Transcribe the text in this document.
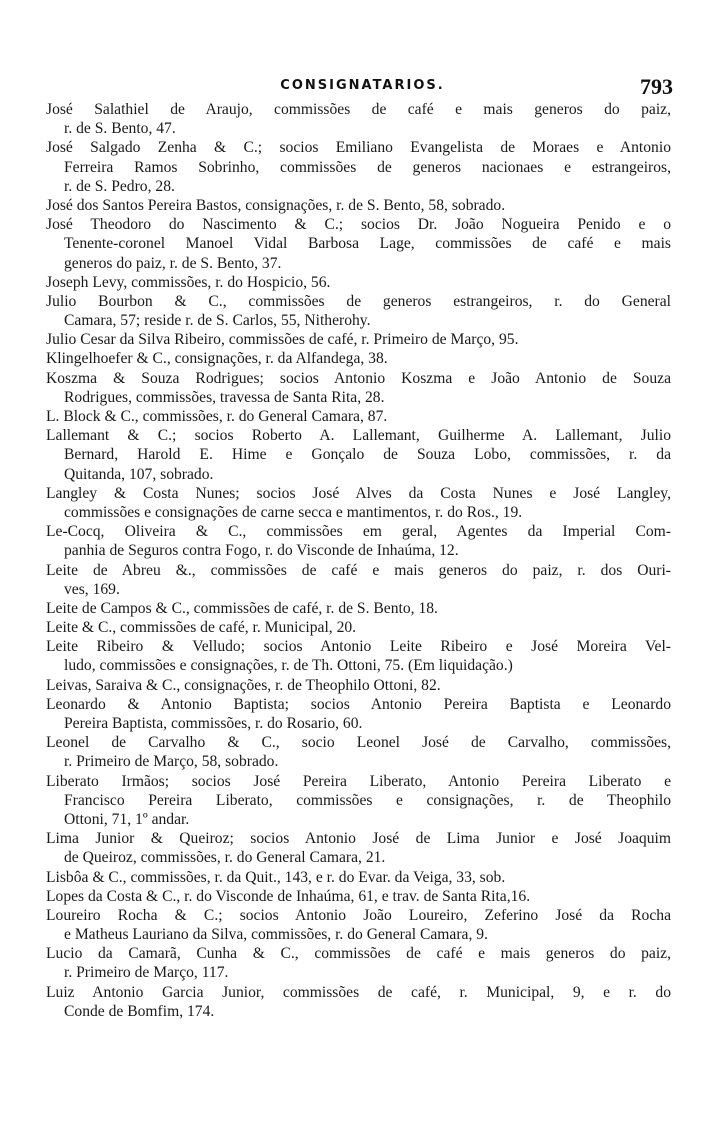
CONSIGNATARIOS.	793
José Salathiel de Araujo, commissões de café e mais generos do paiz,
r. de S. Bento, 47.
José Salgado Zenha & C.; socios Emiliano Evangelista de Moraes e Antonio
Ferreira Ramos Sobrinho, commissões de generos nacionaes e estrangeiros,
r. de S. Pedro, 28.
José dos Santos Pereira Bastos, consignações, r. de S. Bento, 58, sobrado.
José Theodoro do Nascimento & C.; socios Dr. João Nogueira Penido e o
Tenente-coronel Manoel Vidal Barbosa Lage, commissões de café e mais
generos do paiz, r. de S. Bento, 37.
Joseph Levy, commissões, r. do Hospicio, 56.
Julio Bourbon & C., commissões de generos estrangeiros, r. do General
Camara, 57; reside r. de S. Carlos, 55, Nitherohy.
Julio Cesar da Silva Ribeiro, commissões de café, r. Primeiro de Março, 95.
Klingelhoefer & C., consignações, r. da Alfandega, 38.
Koszma & Souza Rodrigues; socios Antonio Koszma e João Antonio de Souza
Rodrigues, commissões, travessa de Santa Rita, 28.
L. Block & C., commissões, r. do General Camara, 87.
Lallemant & C.; socios Roberto A. Lallemant, Guilherme A. Lallemant, Julio
Bernard, Harold E. Hime e Gonçalo de Souza Lobo, commissões, r. da
Quitanda, 107, sobrado.
Langley & Costa Nunes; socios José Alves da Costa Nunes e José Langley,
commissões e consignações de carne secca e mantimentos, r. do Ros., 19.
Le-Cocq, Oliveira & C., commissões em geral, Agentes da Imperial Com-
panhia de Seguros contra Fogo, r. do Visconde de Inhaúma, 12.
Leite de Abreu &., commissões de café e mais generos do paiz, r. dos Ouri-
ves, 169.
Leite de Campos & C., commissões de café, r. de S. Bento, 18.
Leite & C., commissões de café, r. Municipal, 20.
Leite Ribeiro & Velludo; socios Antonio Leite Ribeiro e José Moreira Vel-
ludo, commissões e consignações, r. de Th. Ottoni, 75. (Em liquidação.)
Leivas, Saraiva & C., consignações, r. de Theophilo Ottoni, 82.
Leonardo & Antonio Baptista; socios Antonio Pereira Baptista e Leonardo
Pereira Baptista, commissões, r. do Rosario, 60.
Leonel de Carvalho & C., socio Leonel José de Carvalho, commissões,
r. Primeiro de Março, 58, sobrado.
Liberato Irmãos; socios José Pereira Liberato, Antonio Pereira Liberato e
Francisco Pereira Liberato, commissões e consignações, r. de Theophilo
Ottoni, 71, 1º andar.
Lima Junior & Queiroz; socios Antonio José de Lima Junior e José Joaquim
de Queiroz, commissões, r. do General Camara, 21.
Lisbôa & C., commissões, r. da Quit., 143, e r. do Evar. da Veiga, 33, sob.
Lopes da Costa & C., r. do Visconde de Inhaúma, 61, e trav. de Santa Rita,16.
Loureiro Rocha & C.; socios Antonio João Loureiro, Zeferino José da Rocha
e Matheus Lauriano da Silva, commissões, r. do General Camara, 9.
Lucio da Camarã, Cunha & C., commissões de café e mais generos do paiz,
r. Primeiro de Março, 117.
Luiz Antonio Garcia Junior, commissões de café, r. Municipal, 9, e r. do
Conde de Bomfim, 174.
